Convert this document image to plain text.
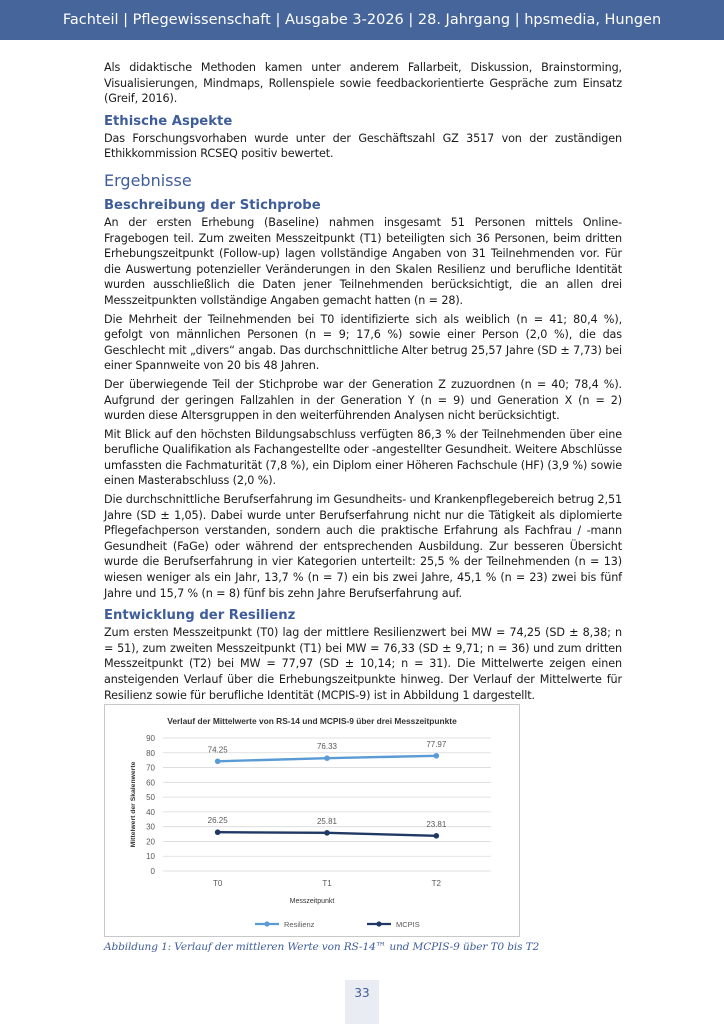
Fachteil | Pflegewissenschaft | Ausgabe 3-2026 | 28. Jahrgang | hpsmedia, Hungen

Als didaktische Methoden kamen unter anderem Fallarbeit, Diskussion, Brainstorming, Visualisierungen, Mindmaps, Rollenspiele sowie feedbackorientierte Gespräche zum Einsatz (Greif, 2016).

Ethische Aspekte

Das Forschungsvorhaben wurde unter der Geschäftszahl GZ 3517 von der zuständigen Ethikkommission RCSEQ positiv bewertet.

Ergebnisse
Beschreibung der Stichprobe

An der ersten Erhebung (Baseline) nahmen insgesamt 51 Personen mittels Online-Fragebogen teil. Zum zweiten Messzeitpunkt (T1) beteiligten sich 36 Personen, beim dritten Erhebungszeitpunkt (Follow-up) lagen vollständige Angaben von 31 Teilnehmenden vor. Für die Auswertung potenzieller Veränderungen in den Skalen Resilienz und berufliche Identität wurden ausschließlich die Daten jener Teilnehmenden berücksichtigt, die an allen drei Messzeitpunkten vollständige Angaben gemacht hatten (n = 28).

Die Mehrheit der Teilnehmenden bei T0 identifizierte sich als weiblich (n = 41; 80,4 %), gefolgt von männlichen Personen (n = 9; 17,6 %) sowie einer Person (2,0 %), die das Geschlecht mit „divers“ angab. Das durchschnittliche Alter betrug 25,57 Jahre (SD ± 7,73) bei einer Spannweite von 20 bis 48 Jahren.

Der überwiegende Teil der Stichprobe war der Generation Z zuzuordnen (n = 40; 78,4 %). Aufgrund der geringen Fallzahlen in der Generation Y (n = 9) und Generation X (n = 2) wurden diese Altersgruppen in den weiterführenden Analysen nicht berücksichtigt.

Mit Blick auf den höchsten Bildungsabschluss verfügten 86,3 % der Teilnehmenden über eine berufliche Qualifikation als Fachangestellte oder -angestellter Gesundheit. Weitere Abschlüsse umfassten die Fachmaturität (7,8 %), ein Diplom einer Höheren Fachschule (HF) (3,9 %) sowie einen Masterabschluss (2,0 %).

Die durchschnittliche Berufserfahrung im Gesundheits- und Krankenpflegebereich betrug 2,51 Jahre (SD ± 1,05). Dabei wurde unter Berufserfahrung nicht nur die Tätigkeit als diplomierte Pflegefachperson verstanden, sondern auch die praktische Erfahrung als Fachfrau / -mann Gesundheit (FaGe) oder während der entsprechenden Ausbildung. Zur besseren Übersicht wurde die Berufserfahrung in vier Kategorien unterteilt: 25,5 % der Teilnehmenden (n = 13) wiesen weniger als ein Jahr, 13,7 % (n = 7) ein bis zwei Jahre, 45,1 % (n = 23) zwei bis fünf Jahre und 15,7 % (n = 8) fünf bis zehn Jahre Berufserfahrung auf.

Entwicklung der Resilienz

Zum ersten Messzeitpunkt (T0) lag der mittlere Resilienzwert bei MW = 74,25 (SD ± 8,38; n = 51), zum zweiten Messzeitpunkt (T1) bei MW = 76,33 (SD ± 9,71; n = 36) und zum dritten Messzeitpunkt (T2) bei MW = 77,97 (SD ± 10,14; n = 31). Die Mittelwerte zeigen einen ansteigenden Verlauf über die Erhebungszeitpunkte hinweg. Der Verlauf der Mittelwerte für Resilienz sowie für berufliche Identität (MCPIS-9) ist in Abbildung 1 dargestellt.

Verlauf der Mittelwerte von RS-14 und MCPIS-9 über drei Messzeitpunkte
0
10
20
30
40
50
60
70
80
90
T0	T1	T2
Messzeitpunkt
Mittelwert der Skalenwerte
74.25	76.33	77.97
26.25	25.81	23.81
Resilienz	MCPIS
Abbildung 1: Verlauf der mittleren Werte von RS-14™ und MCPIS-9 über T0 bis T2
33
